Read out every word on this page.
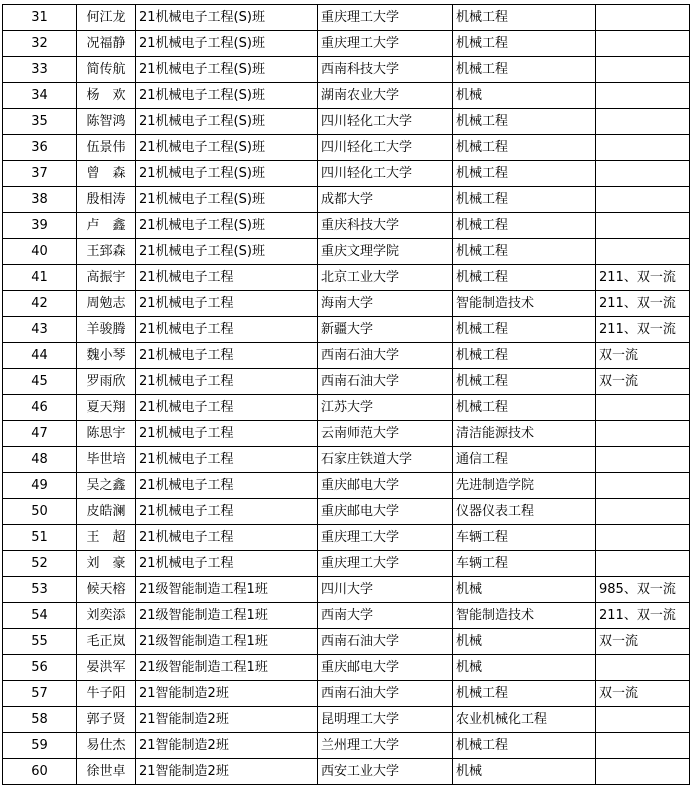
31	何江龙	21机械电子工程(S)班	重庆理工大学	机械工程	
32	况福静	21机械电子工程(S)班	重庆理工大学	机械工程	
33	简传航	21机械电子工程(S)班	西南科技大学	机械工程	
34	杨　欢	21机械电子工程(S)班	湖南农业大学	机械	
35	陈智鸿	21机械电子工程(S)班	四川轻化工大学	机械工程	
36	伍景伟	21机械电子工程(S)班	四川轻化工大学	机械工程	
37	曾　森	21机械电子工程(S)班	四川轻化工大学	机械工程	
38	殷相涛	21机械电子工程(S)班	成都大学	机械工程	
39	卢　鑫	21机械电子工程(S)班	重庆科技大学	机械工程	
40	王郅森	21机械电子工程(S)班	重庆文理学院	机械工程	
41	高振宇	21机械电子工程	北京工业大学	机械工程	211、双一流
42	周勉志	21机械电子工程	海南大学	智能制造技术	211、双一流
43	羊骏腾	21机械电子工程	新疆大学	机械工程	211、双一流
44	魏小琴	21机械电子工程	西南石油大学	机械工程	双一流
45	罗雨欣	21机械电子工程	西南石油大学	机械工程	双一流
46	夏天翔	21机械电子工程	江苏大学	机械工程	
47	陈思宇	21机械电子工程	云南师范大学	清洁能源技术	
48	毕世培	21机械电子工程	石家庄铁道大学	通信工程	
49	吴之鑫	21机械电子工程	重庆邮电大学	先进制造学院	
50	皮皓澜	21机械电子工程	重庆邮电大学	仪器仪表工程	
51	王　超	21机械电子工程	重庆理工大学	车辆工程	
52	刘　豪	21机械电子工程	重庆理工大学	车辆工程	
53	候天榕	21级智能制造工程1班	四川大学	机械	985、双一流
54	刘奕添	21级智能制造工程1班	西南大学	智能制造技术	211、双一流
55	毛正岚	21级智能制造工程1班	西南石油大学	机械	双一流
56	晏洪军	21级智能制造工程1班	重庆邮电大学	机械	
57	牛子阳	21智能制造2班	西南石油大学	机械工程	双一流
58	郭子贤	21智能制造2班	昆明理工大学	农业机械化工程	
59	易仕杰	21智能制造2班	兰州理工大学	机械工程	
60	徐世卓	21智能制造2班	西安工业大学	机械	
